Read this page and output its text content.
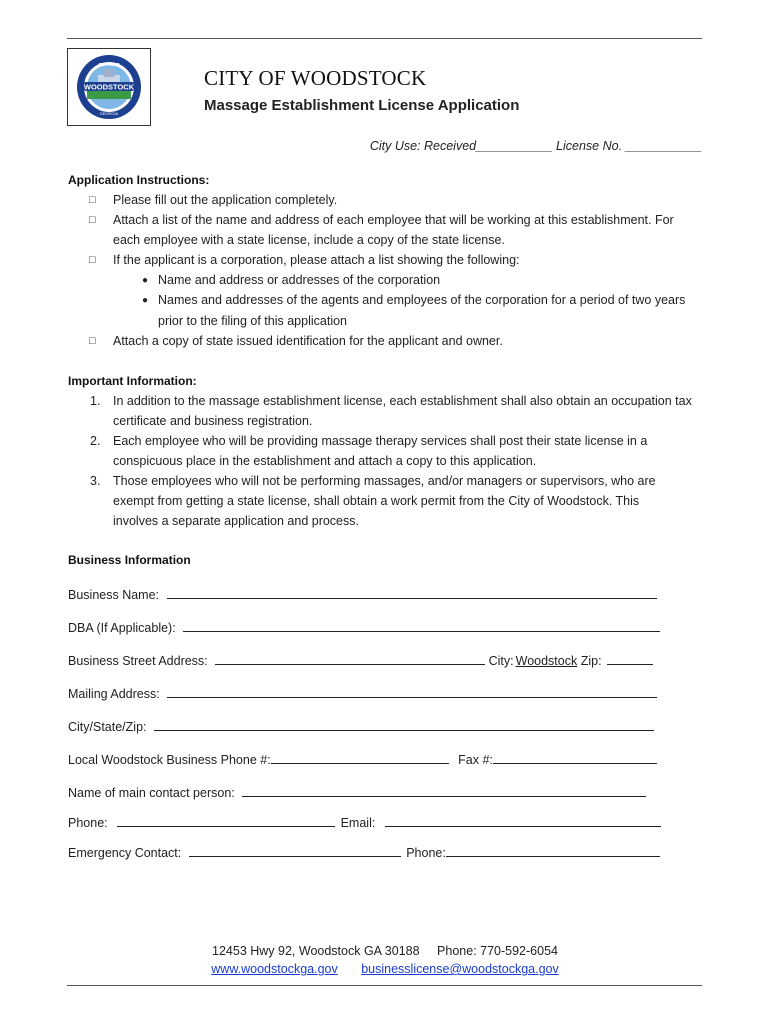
WOODSTOCK
EST. 1897
GEORGIA
CITY OF WOODSTOCK
Massage Establishment License Application
City Use: Received___________ License No. ___________
Application Instructions:
□ Please fill out the application completely.
□ Attach a list of the name and address of each employee that will be working at this establishment. For
each employee with a state license, include a copy of the state license.
□ If the applicant is a corporation, please attach a list showing the following:
● Name and address or addresses of the corporation
● Names and addresses of the agents and employees of the corporation for a period of two years
prior to the filing of this application
□ Attach a copy of state issued identification for the applicant and owner.
Important Information:
1. In addition to the massage establishment license, each establishment shall also obtain an occupation tax
certificate and business registration.
2. Each employee who will be providing massage therapy services shall post their state license in a
conspicuous place in the establishment and attach a copy to this application.
3. Those employees who will not be performing massages, and/or managers or supervisors, who are
exempt from getting a state license, shall obtain a work permit from the City of Woodstock. This
involves a separate application and process.
Business Information
Business Name:
DBA (If Applicable):
Business Street Address:	City: Woodstock Zip:
Mailing Address:
City/State/Zip:
Local Woodstock Business Phone #:	Fax #:
Name of main contact person:
Phone:	Email:
Emergency Contact:	Phone:
12453 Hwy 92, Woodstock GA 30188 Phone: 770-592-6054
www.woodstockga.gov businesslicense@woodstockga.gov
